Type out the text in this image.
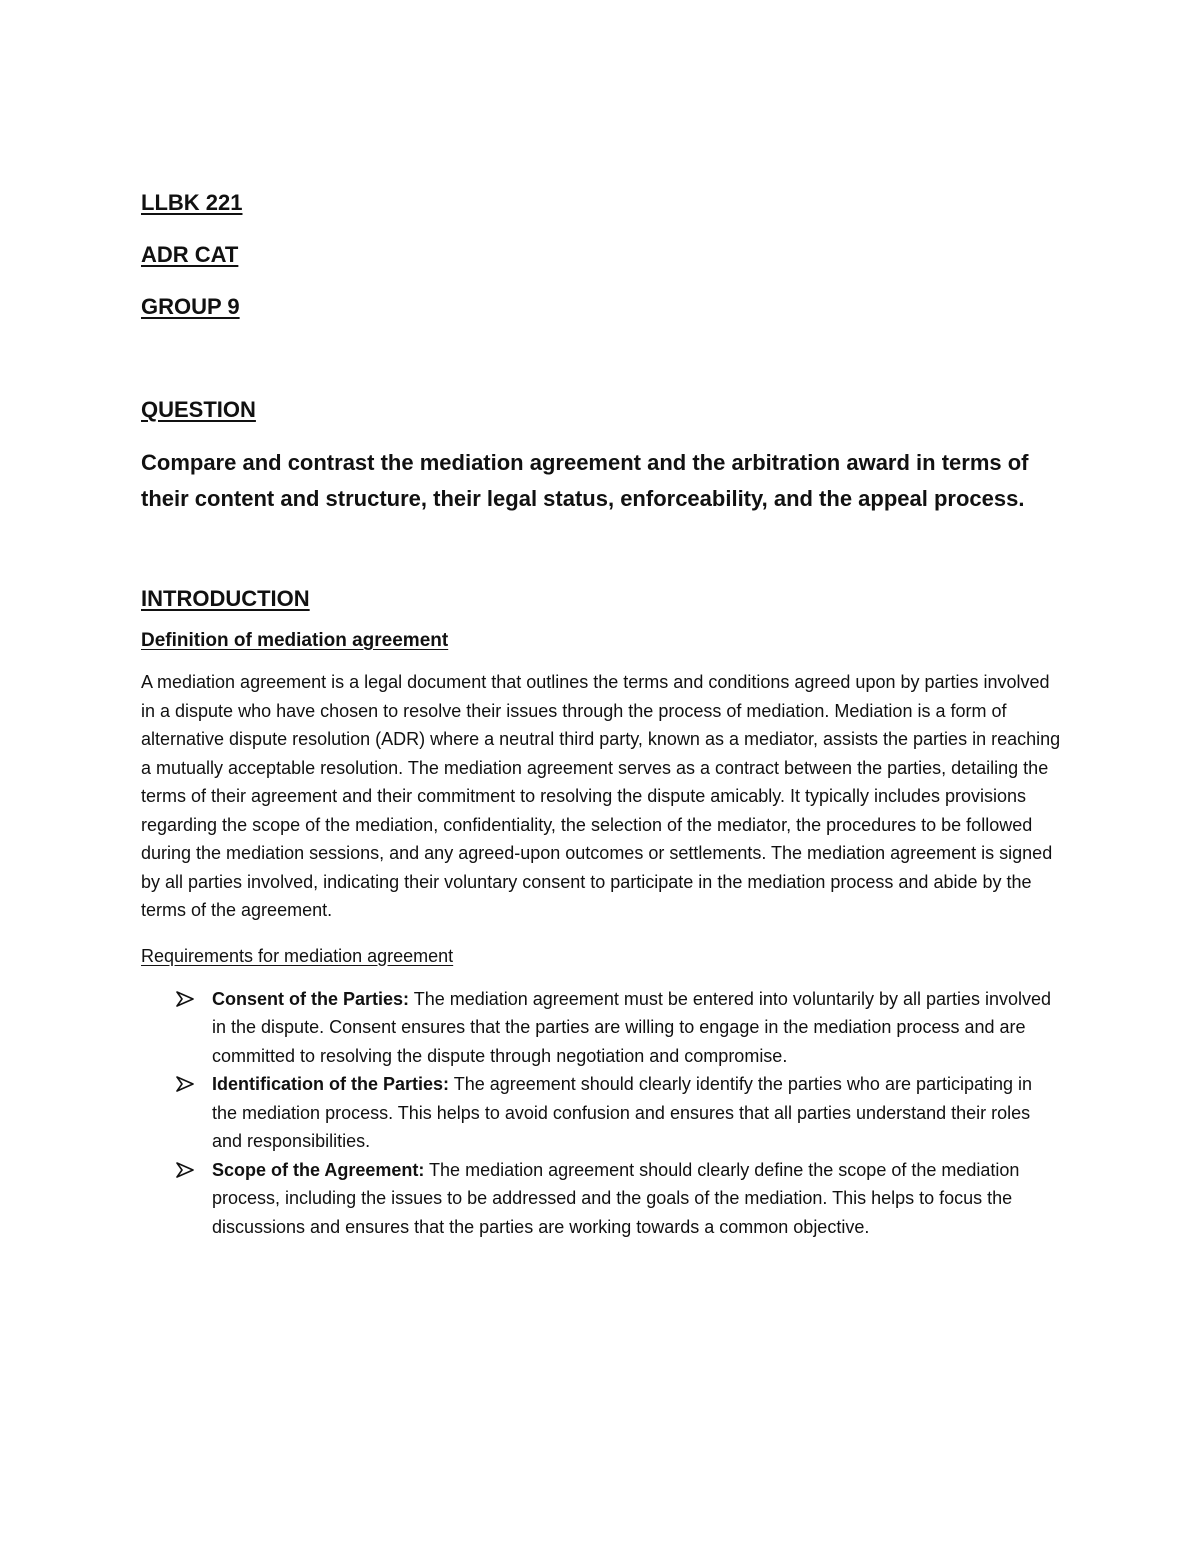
LLBK 221

ADR CAT

GROUP 9

QUESTION

Compare and contrast the mediation agreement and the arbitration award in terms of their content and structure, their legal status, enforceability, and the appeal process.

INTRODUCTION

Definition of mediation agreement

A mediation agreement is a legal document that outlines the terms and conditions agreed upon by parties involved in a dispute who have chosen to resolve their issues through the process of mediation. Mediation is a form of alternative dispute resolution (ADR) where a neutral third party, known as a mediator, assists the parties in reaching a mutually acceptable resolution. The mediation agreement serves as a contract between the parties, detailing the terms of their agreement and their commitment to resolving the dispute amicably. It typically includes provisions regarding the scope of the mediation, confidentiality, the selection of the mediator, the procedures to be followed during the mediation sessions, and any agreed-upon outcomes or settlements. The mediation agreement is signed by all parties involved, indicating their voluntary consent to participate in the mediation process and abide by the terms of the agreement.

Requirements for mediation agreement

Consent of the Parties: The mediation agreement must be entered into voluntarily by all parties involved in the dispute. Consent ensures that the parties are willing to engage in the mediation process and are committed to resolving the dispute through negotiation and compromise.
Identification of the Parties: The agreement should clearly identify the parties who are participating in the mediation process. This helps to avoid confusion and ensures that all parties understand their roles and responsibilities.
Scope of the Agreement: The mediation agreement should clearly define the scope of the mediation process, including the issues to be addressed and the goals of the mediation. This helps to focus the discussions and ensures that the parties are working towards a common objective.
